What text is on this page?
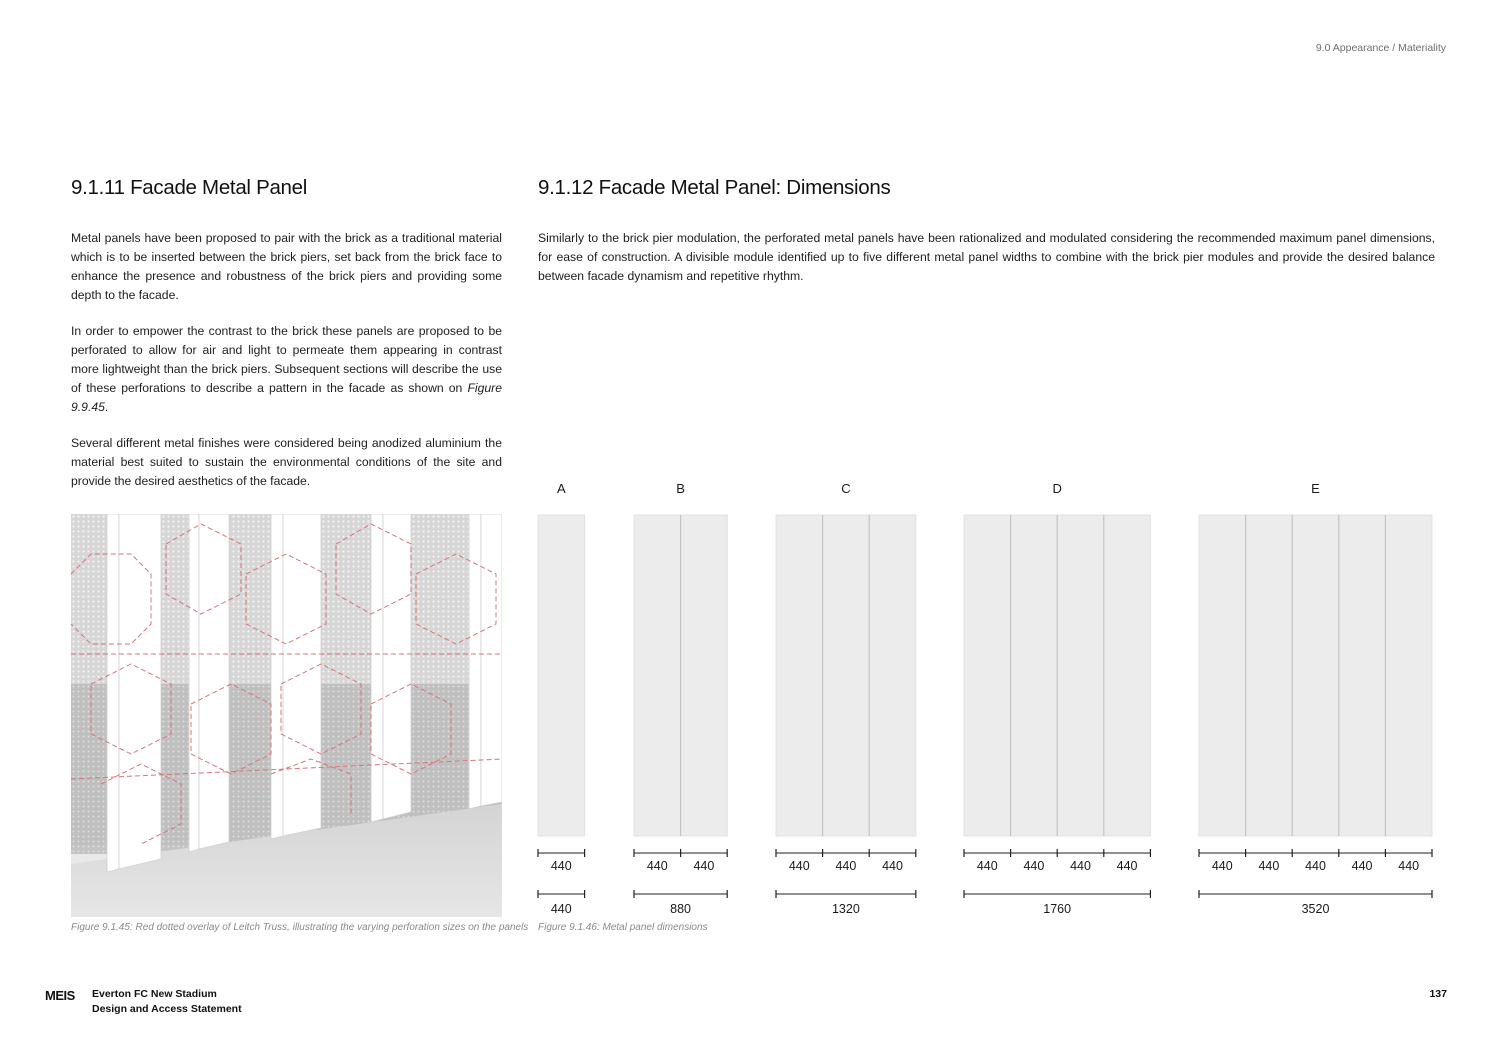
9.0 Appearance / Materiality
9.1.11 Facade Metal Panel	9.1.12 Facade Metal Panel: Dimensions

Metal panels have been proposed to pair with the brick as a traditional material which is to be inserted between the brick piers, set back from the brick face to enhance the presence and robustness of the brick piers and providing some depth to the facade.

In order to empower the contrast to the brick these panels are proposed to be perforated to allow for air and light to permeate them appearing in contrast more lightweight than the brick piers. Subsequent sections will describe the use of these perforations to describe a pattern in the facade as shown on Figure 9.9.45.

Several different metal finishes were considered being anodized aluminium the material best suited to sustain the environmental conditions of the site and provide the desired aesthetics of the facade.

Similarly to the brick pier modulation, the perforated metal panels have been rationalized and modulated considering the recommended maximum panel dimensions, for ease of construction. A divisible module identified up to five different metal panel widths to combine with the brick pier modules and provide the desired balance between facade dynamism and repetitive rhythm.

Figure 9.1.45: Red dotted overlay of Leitch Truss, illustrating the varying perforation sizes on the panels
A
440
440
B
440 440
880
C
440 440 440
1320
D
440 440 440 440
1760
E
440 440 440 440 440
3520
Figure 9.1.46: Metal panel dimensions
MEIS Everton FC New Stadium
Design and Access Statement
137
